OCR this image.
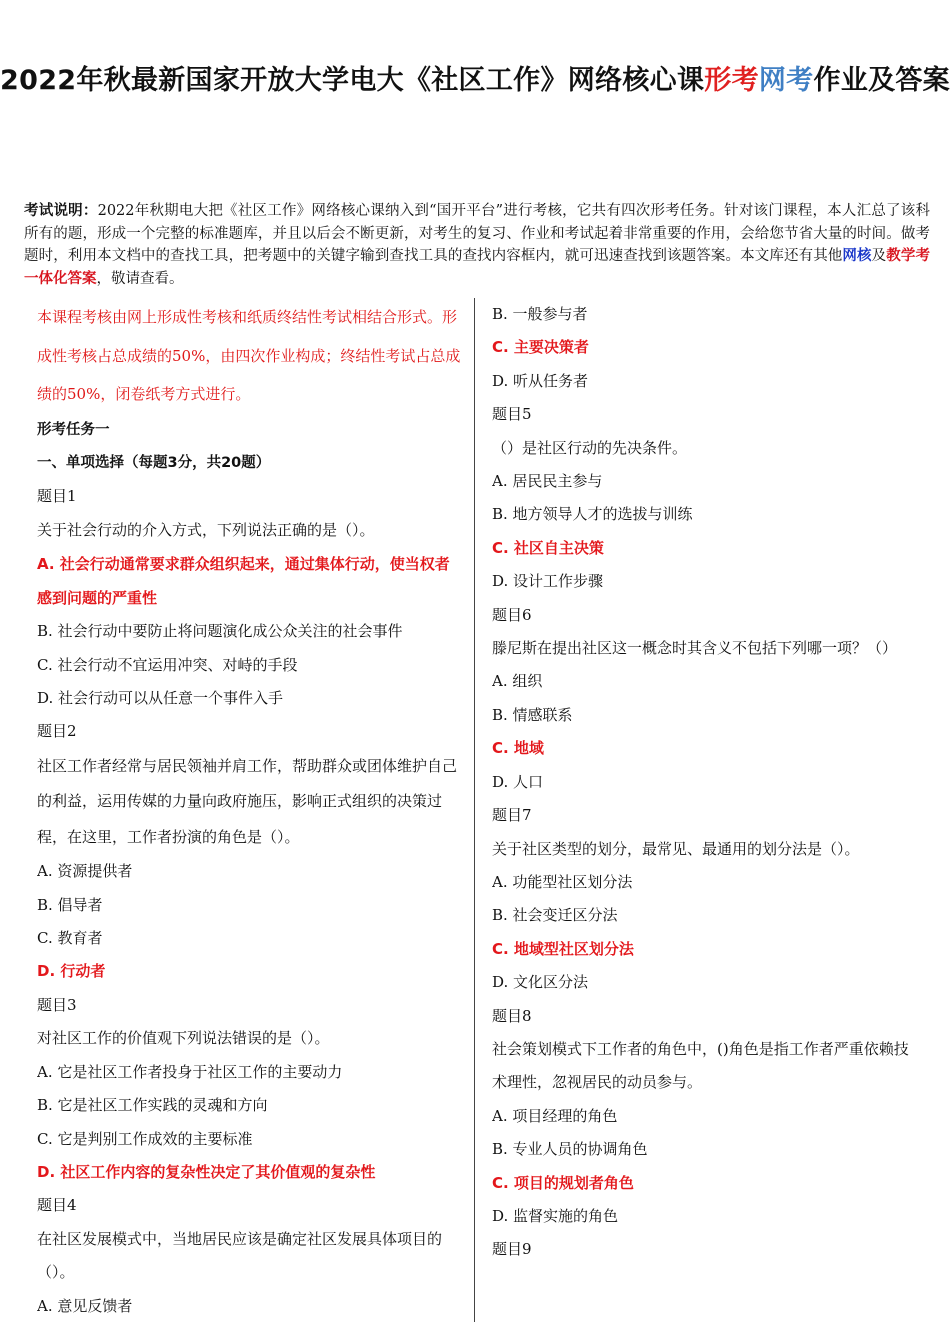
2022年秋最新国家开放大学电大《社区工作》网络核心课形考网考作业及答案
考试说明：2022年秋期电大把《社区工作》网络核心课纳入到“国开平台”进行考核，它共有四次形考任务。针对该门课程，本人汇总了该科所有的题，形成一个完整的标准题库，并且以后会不断更新，对考生的复习、作业和考试起着非常重要的作用，会给您节省大量的时间。做考题时，利用本文档中的查找工具，把考题中的关键字输到查找工具的查找内容框内，就可迅速查找到该题答案。本文库还有其他网核及教学考一体化答案，敬请查看。

本课程考核由网上形成性考核和纸质终结性考试相结合形式。形成性考核占总成绩的50%，由四次作业构成；终结性考试占总成绩的50%，闭卷纸考方式进行。

形考任务一

一、单项选择（每题3分，共20题）

题目1

关于社会行动的介入方式，下列说法正确的是（）。

A. 社会行动通常要求群众组织起来，通过集体行动，使当权者感到问题的严重性

B. 社会行动中要防止将问题演化成公众关注的社会事件

C. 社会行动不宜运用冲突、对峙的手段

D. 社会行动可以从任意一个事件入手

题目2

社区工作者经常与居民领袖并肩工作，帮助群众或团体维护自己的利益，运用传媒的力量向政府施压，影响正式组织的决策过程，在这里，工作者扮演的角色是（）。

A. 资源提供者

B. 倡导者

C. 教育者

D. 行动者

题目3

对社区工作的价值观下列说法错误的是（）。

A. 它是社区工作者投身于社区工作的主要动力

B. 它是社区工作实践的灵魂和方向

C. 它是判别工作成效的主要标准

D. 社区工作内容的复杂性决定了其价值观的复杂性

题目4

在社区发展模式中，当地居民应该是确定社区发展具体项目的（）。

A. 意见反馈者

B. 一般参与者

C. 主要决策者

D. 听从任务者

题目5

（）是社区行动的先决条件。

A. 居民民主参与

B. 地方领导人才的选拔与训练

C. 社区自主决策

D. 设计工作步骤

题目6

滕尼斯在提出社区这一概念时其含义不包括下列哪一项？（）

A. 组织

B. 情感联系

C. 地域

D. 人口

题目7

关于社区类型的划分，最常见、最通用的划分法是（）。

A. 功能型社区划分法

B. 社会变迁区分法

C. 地域型社区划分法

D. 文化区分法

题目8

社会策划模式下工作者的角色中，()角色是指工作者严重依赖技术理性，忽视居民的动员参与。

A. 项目经理的角色

B. 专业人员的协调角色

C. 项目的规划者角色

D. 监督实施的角色

题目9
